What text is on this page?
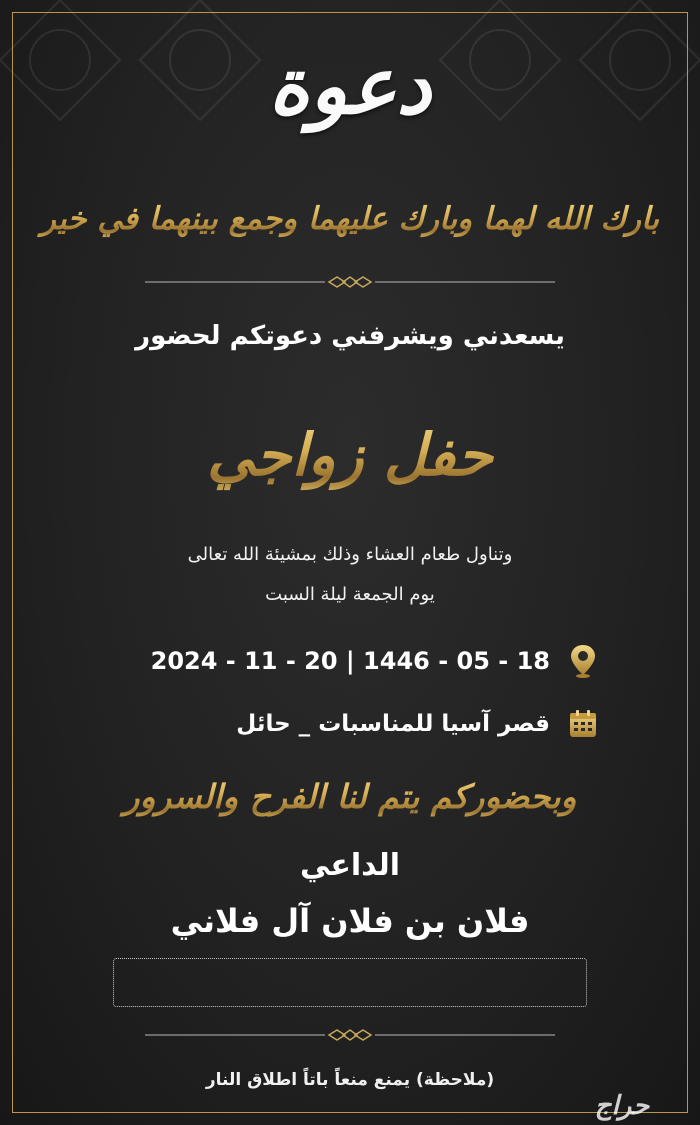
دعوة
بارك الله لهما وبارك عليهما وجمع بينهما في خير
يسعدني ويشرفني دعوتكم لحضور
حفل زواجي
وتناول طعام العشاء وذلك بمشيئة الله تعالى
يوم الجمعة ليلة السبت
2024 - 11 - 20 | 1446 - 05 - 18
قصر آسيا للمناسبات _ حائل
وبحضوركم يتم لنا الفرح والسرور
الداعي
فلان بن فلان آل فلاني
(ملاحظة) يمنع منعاً باتاً اطلاق النار
حراج
